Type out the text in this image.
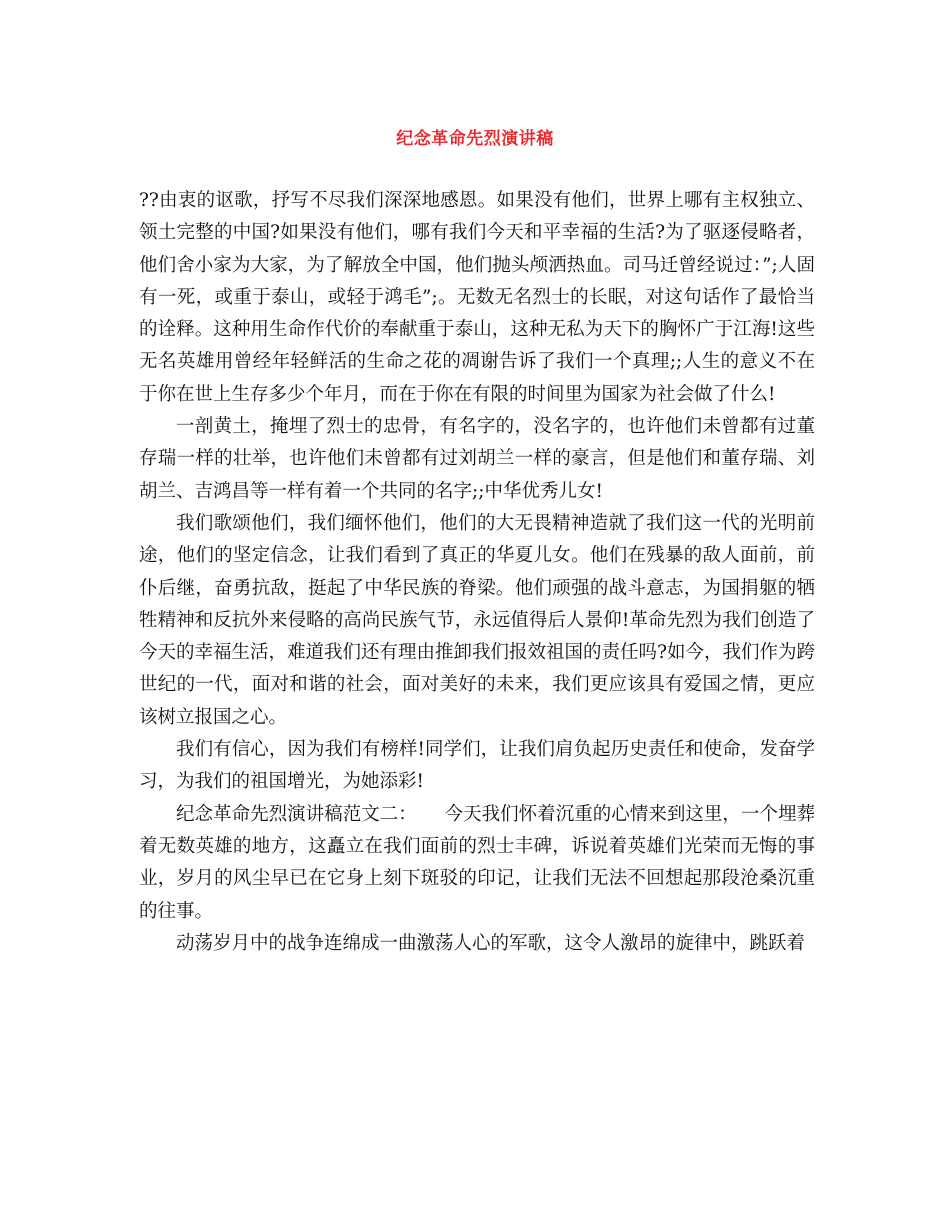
纪念革命先烈演讲稿

??由衷的讴歌，抒写不尽我们深深地感恩。如果没有他们，世界上哪有主权独立、领土完整的中国?如果没有他们，哪有我们今天和平幸福的生活?为了驱逐侵略者，他们舍小家为大家，为了解放全中国，他们抛头颅洒热血。司马迁曾经说过：”;人固有一死，或重于泰山，或轻于鸿毛”;。无数无名烈士的长眠，对这句话作了最恰当的诠释。这种用生命作代价的奉献重于泰山，这种无私为天下的胸怀广于江海!这些无名英雄用曾经年轻鲜活的生命之花的凋谢告诉了我们一个真理;;人生的意义不在于你在世上生存多少个年月，而在于你在有限的时间里为国家为社会做了什么!

一剖黄土，掩埋了烈士的忠骨，有名字的，没名字的，也许他们未曾都有过董存瑞一样的壮举，也许他们未曾都有过刘胡兰一样的豪言，但是他们和董存瑞、刘胡兰、吉鸿昌等一样有着一个共同的名字;;中华优秀儿女!

我们歌颂他们，我们缅怀他们，他们的大无畏精神造就了我们这一代的光明前途，他们的坚定信念，让我们看到了真正的华夏儿女。他们在残暴的敌人面前，前仆后继，奋勇抗敌，挺起了中华民族的脊梁。他们顽强的战斗意志，为国捐躯的牺牲精神和反抗外来侵略的高尚民族气节，永远值得后人景仰!革命先烈为我们创造了今天的幸福生活，难道我们还有理由推卸我们报效祖国的责任吗?如今，我们作为跨世纪的一代，面对和谐的社会，面对美好的未来，我们更应该具有爱国之情，更应该树立报国之心。

我们有信心，因为我们有榜样!同学们，让我们肩负起历史责任和使命，发奋学习，为我们的祖国增光，为她添彩!

纪念革命先烈演讲稿范文二：　　今天我们怀着沉重的心情来到这里，一个埋葬着无数英雄的地方，这矗立在我们面前的烈士丰碑，诉说着英雄们光荣而无悔的事业，岁月的风尘早已在它身上刻下斑驳的印记，让我们无法不回想起那段沧桑沉重的往事。

动荡岁月中的战争连绵成一曲激荡人心的军歌，这令人激昂的旋律中，跳跃着
